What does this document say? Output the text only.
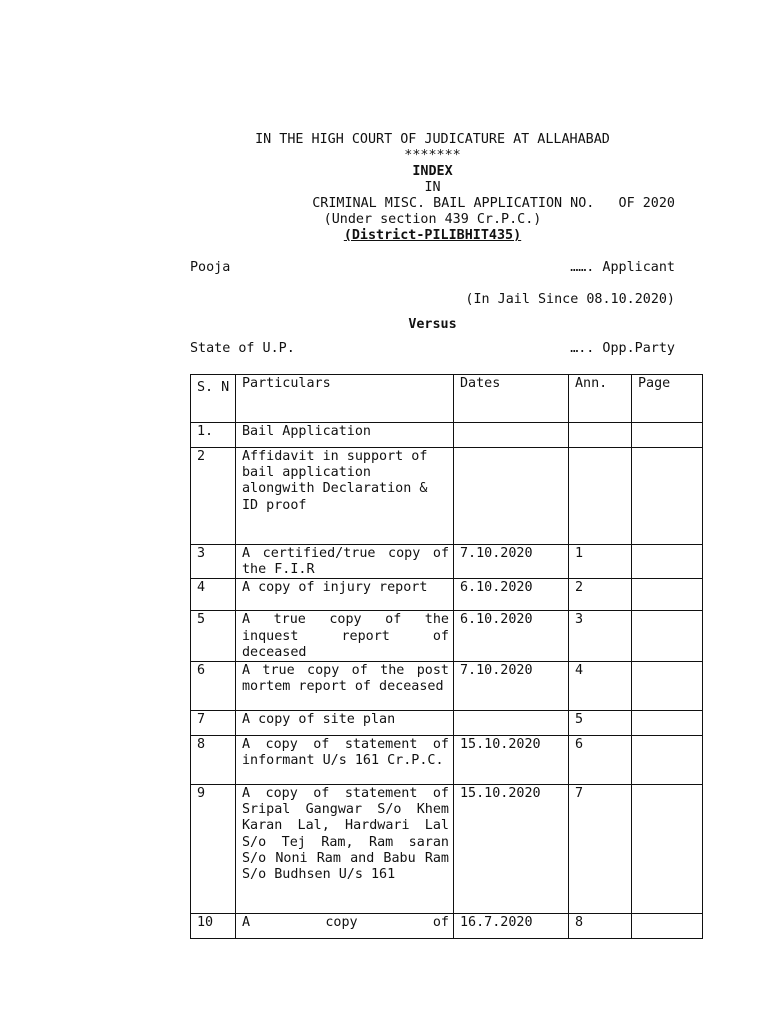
IN THE HIGH COURT OF JUDICATURE AT ALLAHABAD
*******
INDEX
IN
CRIMINAL MISC. BAIL APPLICATION NO.   OF 2020
(Under section 439 Cr.P.C.)
(District-PILIBHIT435)
Pooja	……. Applicant
(In Jail Since 08.10.2020)
Versus
State of U.P.	….. Opp.Party
S. N	Particulars	Dates	Ann.	Page
1.	Bail Application			
2	Affidavit in support of bail application alongwith Declaration & ID proof			
3	A certified/true copy of the F.I.R	7.10.2020	1	
4	A copy of injury report	6.10.2020	2	
5	A true copy of the inquest report of deceased	6.10.2020	3	
6	A true copy of the post mortem report of deceased	7.10.2020	4	
7	A copy of site plan		5	
8	A copy of statement of informant U/s 161 Cr.P.C.	15.10.2020	6	
9	A copy of statement of Sripal Gangwar S/o Khem Karan Lal, Hardwari Lal S/o Tej Ram, Ram saran S/o Noni Ram and Babu Ram S/o Budhsen U/s 161	15.10.2020	7	
10	A copy of	16.7.2020	8	
